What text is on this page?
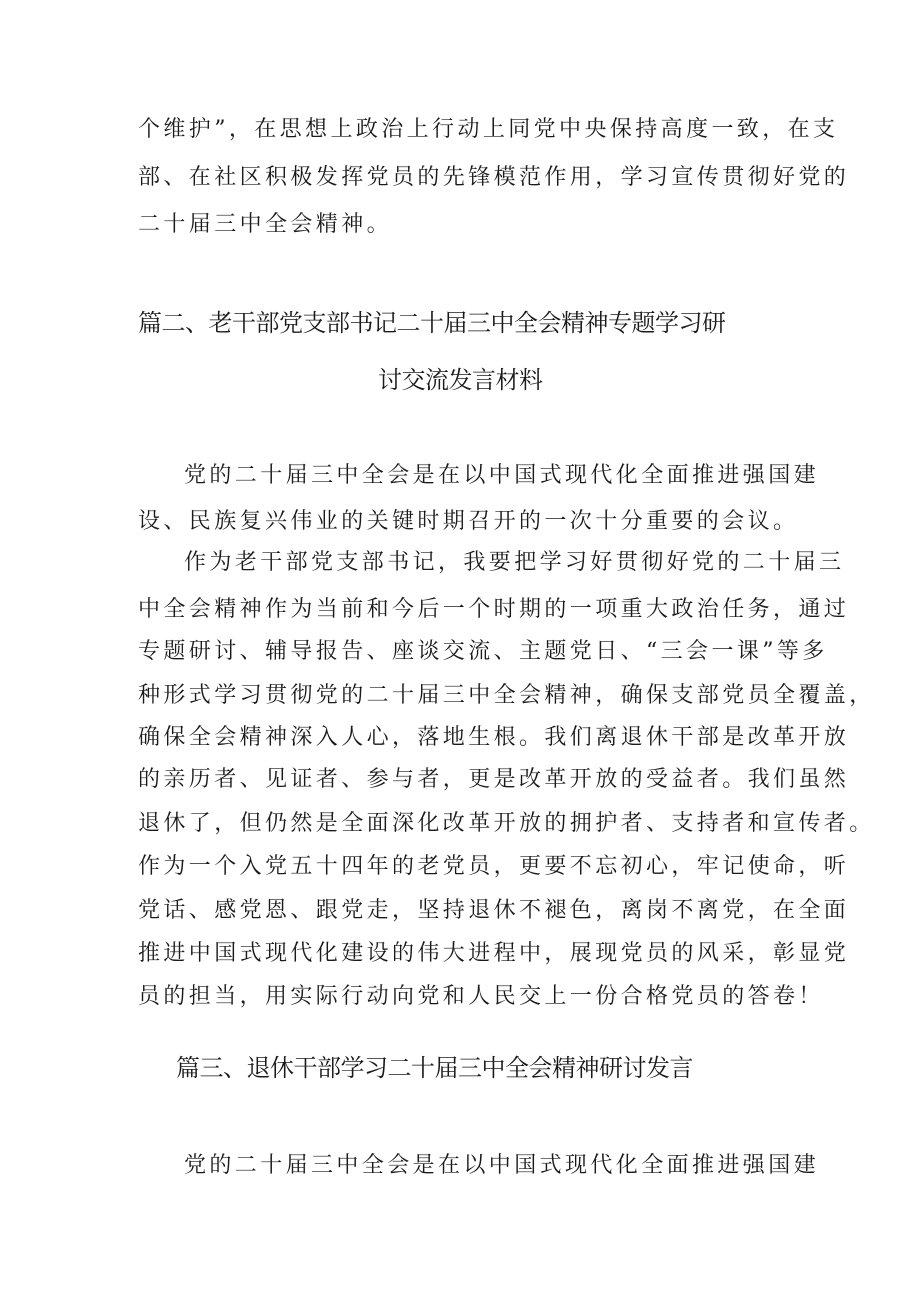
个维护”，在思想上政治上行动上同党中央保持高度一致，在支
部、在社区积极发挥党员的先锋模范作用，学习宣传贯彻好党的
二十届三中全会精神。
篇二、老干部党支部书记二十届三中全会精神专题学习研
讨交流发言材料
党的二十届三中全会是在以中国式现代化全面推进强国建
设、民族复兴伟业的关键时期召开的一次十分重要的会议。
作为老干部党支部书记，我要把学习好贯彻好党的二十届三
中全会精神作为当前和今后一个时期的一项重大政治任务，通过
专题研讨、辅导报告、座谈交流、主题党日、“三会一课”等多
种形式学习贯彻党的二十届三中全会精神，确保支部党员全覆盖，
确保全会精神深入人心，落地生根。我们离退休干部是改革开放
的亲历者、见证者、参与者，更是改革开放的受益者。我们虽然
退休了，但仍然是全面深化改革开放的拥护者、支持者和宣传者。
作为一个入党五十四年的老党员，更要不忘初心，牢记使命，听
党话、感党恩、跟党走，坚持退休不褪色，离岗不离党，在全面
推进中国式现代化建设的伟大进程中，展现党员的风采，彰显党
员的担当，用实际行动向党和人民交上一份合格党员的答卷！
篇三、退休干部学习二十届三中全会精神研讨发言
党的二十届三中全会是在以中国式现代化全面推进强国建
